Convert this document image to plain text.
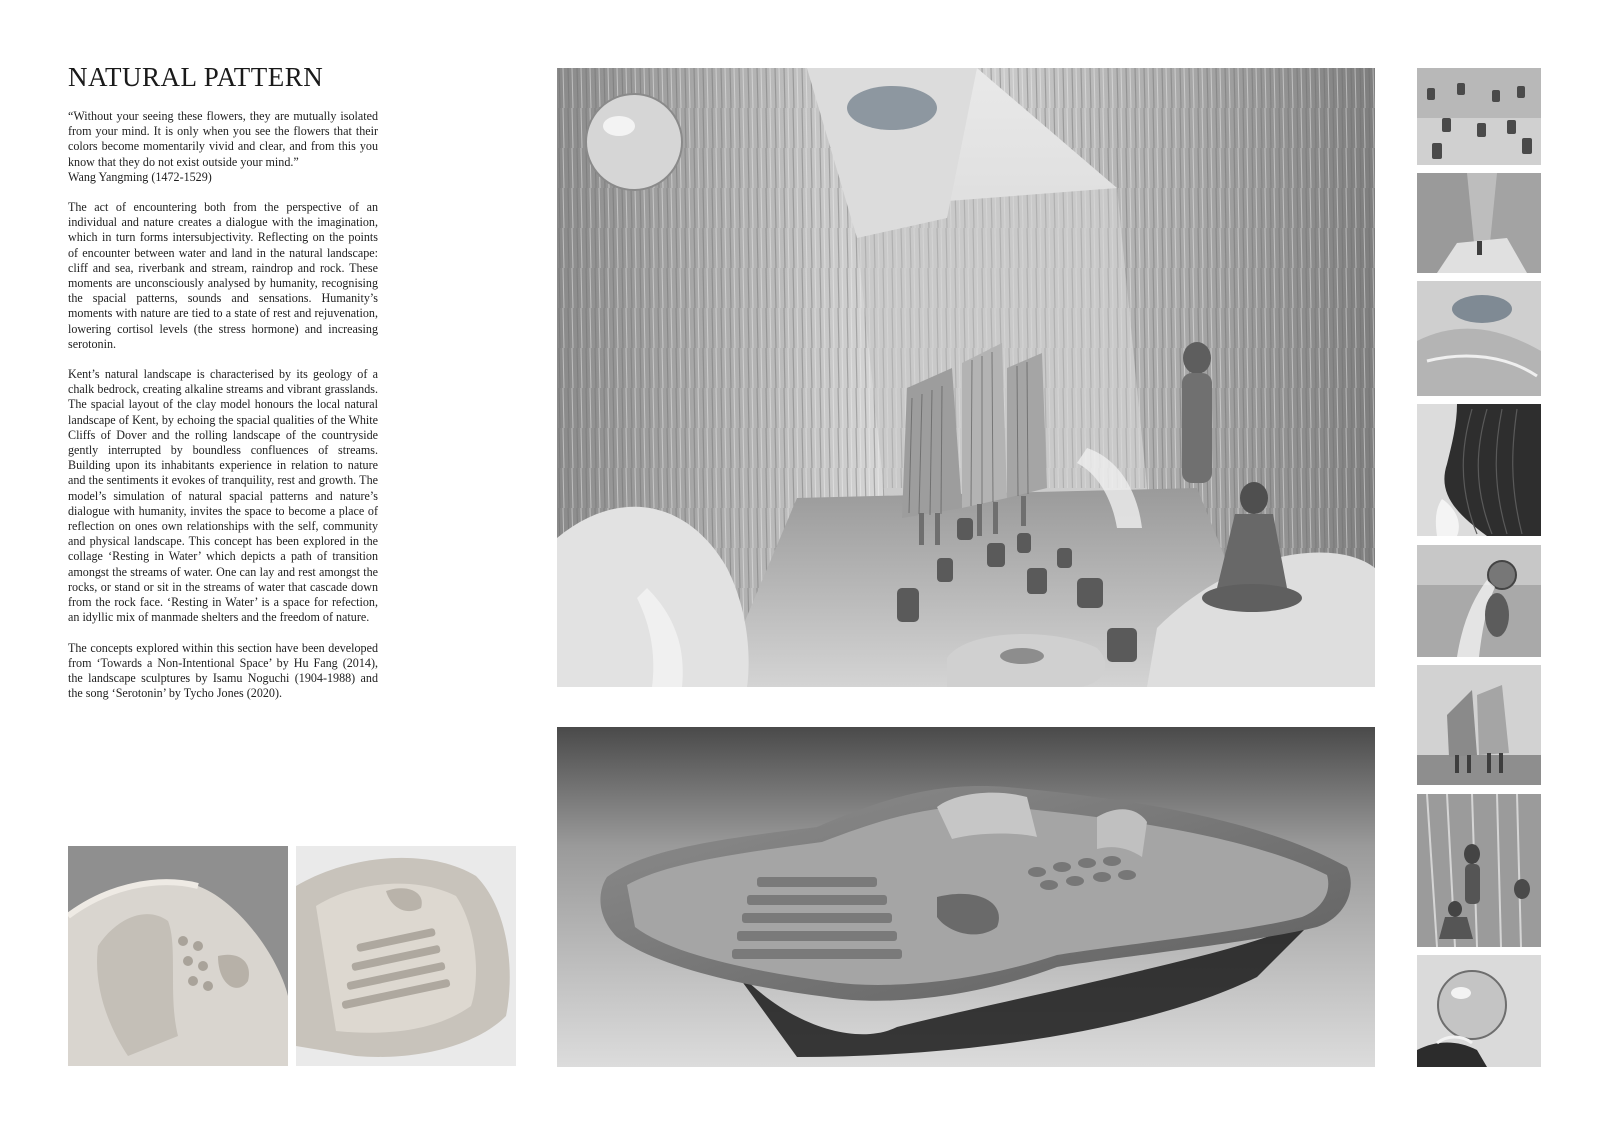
NATURAL PATTERN

“Without your seeing these flowers, they are mutually isolated from your mind. It is only when you see the flowers that their colors become momentarily vivid and clear, and from this you know that they do not exist outside your mind.”
Wang Yangming (1472-1529)

The act of encountering both from the perspective of an individual and nature creates a dialogue with the imagination, which in turn forms intersubjectivity. Reflecting on the points of encounter between water and land in the natural landscape: cliff and sea, riverbank and stream, raindrop and rock. These moments are unconsciously analysed by humanity, recognising the spacial patterns, sounds and sensations. Humanity’s moments with nature are tied to a state of rest and rejuvenation, lowering cortisol levels (the stress hormone) and increasing serotonin.

Kent’s natural landscape is characterised by its geology of a chalk bedrock, creating alkaline streams and vibrant grasslands. The spacial layout of the clay model honours the local natural landscape of Kent, by echoing the spacial qualities of the White Cliffs of Dover and the rolling landscape of the countryside gently interrupted by boundless confluences of streams. Building upon its inhabitants experience in relation to nature and the sentiments it evokes of tranquility, rest and growth. The model’s simulation of natural spacial patterns and nature’s dialogue with humanity, invites the space to become a place of reflection on ones own relationships with the self, community and physical landscape. This concept has been explored in the collage ‘Resting in Water’ which depicts a path of transition amongst the streams of water. One can lay and rest amongst the rocks, or stand or sit in the streams of water that cascade down from the rock face. ‘Resting in Water’ is a space for refection, an idyllic mix of manmade shelters and the freedom of nature.

The concepts explored within this section have been developed from ‘Towards a Non-Intentional Space’ by Hu Fang (2014), the landscape sculptures by Isamu Noguchi (1904-1988) and the song ‘Serotonin’ by Tycho Jones (2020).
